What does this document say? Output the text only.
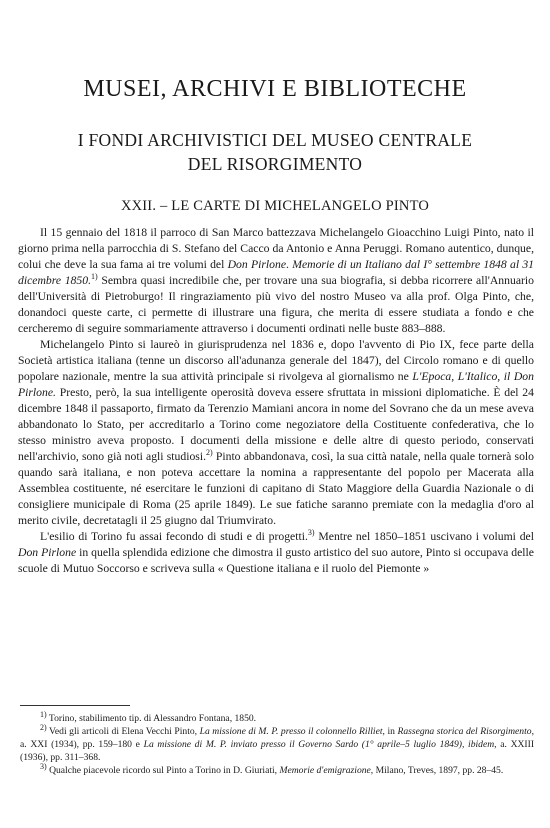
MUSEI, ARCHIVI E BIBLIOTECHE
I FONDI ARCHIVISTICI DEL MUSEO CENTRALE
DEL RISORGIMENTO
XXII. – LE CARTE DI MICHELANGELO PINTO

Il 15 gennaio del 1818 il parroco di San Marco battezzava Michelangelo Gioacchino Luigi Pinto, nato il giorno prima nella parrocchia di S. Stefano del Cacco da Antonio e Anna Peruggi. Romano autentico, dunque, colui che deve la sua fama ai tre volumi del Don Pirlone. Memorie di un Italiano dal I° settembre 1848 al 31 dicembre 1850.$^{1)}$ Sembra quasi incredibile che, per trovare una sua biografia, si debba ricorrere all'Annuario dell'Università di Pietroburgo! Il ringraziamento più vivo del nostro Museo va alla prof. Olga Pinto, che, donandoci queste carte, ci permette di illustrare una figura, che merita di essere studiata a fondo e che cercheremo di seguire sommariamente attraverso i documenti ordinati nelle buste 883–888.

Michelangelo Pinto si laureò in giurisprudenza nel 1836 e, dopo l'avvento di Pio IX, fece parte della Società artistica italiana (tenne un discorso all'adunanza generale del 1847), del Circolo romano e di quello popolare nazionale, mentre la sua attività principale si rivolgeva al giornalismo ne L'Epoca, L'Italico, il Don Pirlone. Presto, però, la sua intelligente operosità doveva essere sfruttata in missioni diplomatiche. È del 24 dicembre 1848 il passaporto, firmato da Terenzio Mamiani ancora in nome del Sovrano che da un mese aveva abbandonato lo Stato, per accreditarlo a Torino come negoziatore della Costituente confederativa, che lo stesso ministro aveva proposto. I documenti della missione e delle altre di questo periodo, conservati nell'archivio, sono già noti agli studiosi.$^{2)}$ Pinto abbandonava, così, la sua città natale, nella quale tornerà solo quando sarà italiana, e non poteva accettare la nomina a rappresentante del popolo per Macerata alla Assemblea costituente, né esercitare le funzioni di capitano di Stato Maggiore della Guardia Nazionale o di consigliere municipale di Roma (25 aprile 1849). Le sue fatiche saranno premiate con la medaglia d'oro al merito civile, decretatagli il 25 giugno dal Triumvirato.

L'esilio di Torino fu assai fecondo di studi e di progetti.$^{3)}$ Mentre nel 1850–1851 uscivano i volumi del Don Pirlone in quella splendida edizione che dimostra il gusto artistico del suo autore, Pinto si occupava delle scuole di Mutuo Soccorso e scriveva sulla « Questione italiana e il ruolo del Piemonte »

$^{1)}$ Torino, stabilimento tip. di Alessandro Fontana, 1850.

$^{2)}$ Vedi gli articoli di Elena Vecchi Pinto, La missione di M. P. presso il colonnello Rilliet, in Rassegna storica del Risorgimento, a. XXI (1934), pp. 159–180 e La missione di M. P. inviato presso il Governo Sardo (1° aprile–5 luglio 1849), ibidem, a. XXIII (1936), pp. 311–368.

$^{3)}$ Qualche piacevole ricordo sul Pinto a Torino in D. Giuriati, Memorie d'emigrazione, Milano, Treves, 1897, pp. 28–45.
